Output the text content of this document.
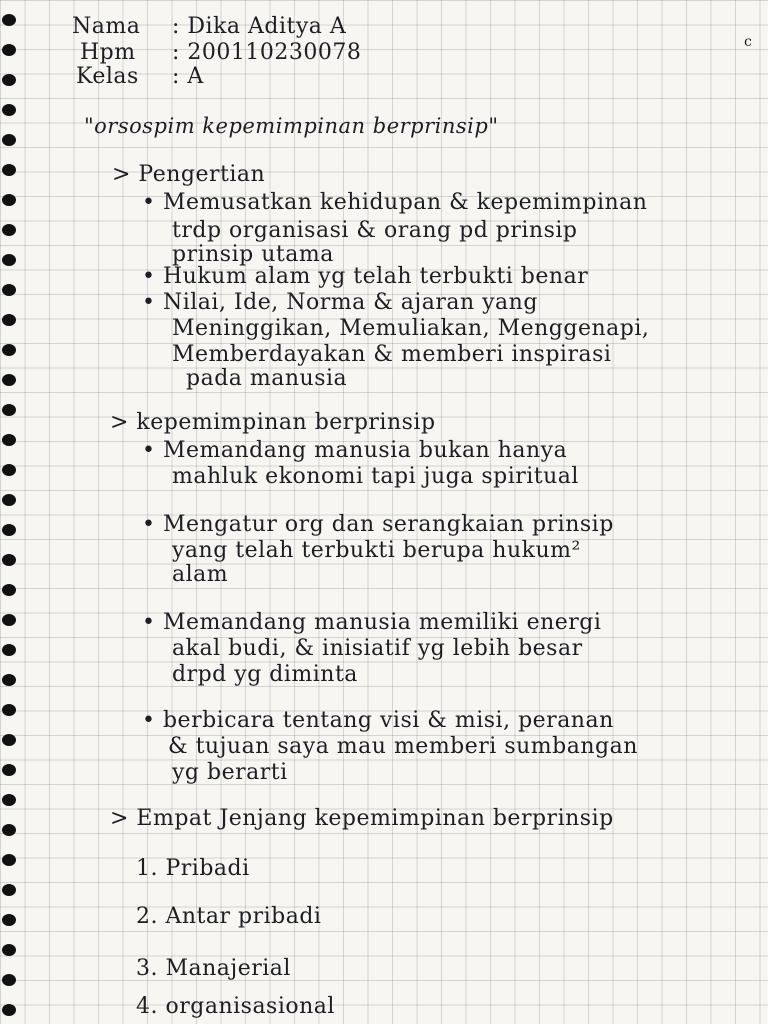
Nama : Dika Aditya A
Hpm : 200110230078
Kelas : A
c
"orsospim kepemimpinan berprinsip"
> Pengertian
• Memusatkan kehidupan & kepemimpinan
trdp organisasi & orang pd prinsip
prinsip utama
• Hukum alam yg telah terbukti benar
• Nilai, Ide, Norma & ajaran yang
Meninggikan, Memuliakan, Menggenapi,
Memberdayakan & memberi inspirasi
pada manusia
> kepemimpinan berprinsip
• Memandang manusia bukan hanya
mahluk ekonomi tapi juga spiritual
• Mengatur org dan serangkaian prinsip
yang telah terbukti berupa hukum²
alam
• Memandang manusia memiliki energi
akal budi, & inisiatif yg lebih besar
drpd yg diminta
• berbicara tentang visi & misi, peranan
& tujuan saya mau memberi sumbangan
yg berarti
> Empat Jenjang kepemimpinan berprinsip
1. Pribadi
2. Antar pribadi
3. Manajerial
4. organisasional
